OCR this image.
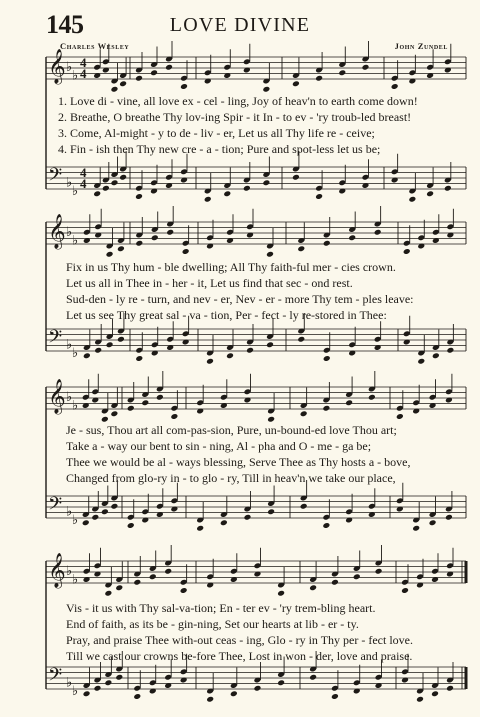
145	LOVE DIVINE
Charles Wesley	John Zundel
𝄞 ♭
♭
𝄢 ♭
♭
4
4
4
4
𝄞 ♭
♭
𝄢 ♭
♭
𝄞 ♭
♭
𝄢 ♭
♭
𝄞 ♭
♭
𝄢 ♭
♭
1. Love di - vine, all love ex - cel - ling, Joy of heav'n to earth come down!
2. Breathe, O breathe Thy lov-ing Spir - it In - to ev - 'ry troub-led breast!
3. Come, Al-might - y to de - liv - er, Let us all Thy life re - ceive;
4. Fin - ish then Thy new cre - a - tion; Pure and spot-less let us be;
Fix in us Thy hum - ble dwelling; All Thy faith-ful mer - cies crown.
Let us all in Thee in - her - it, Let us find that sec - ond rest.
Sud-den - ly re - turn, and nev - er, Nev - er - more Thy tem - ples leave:
Let us see Thy great sal - va - tion, Per - fect - ly re-stored in Thee:
Je - sus, Thou art all com-pas-sion, Pure, un-bound-ed love Thou art;
Take a - way our bent to sin - ning, Al - pha and O - me - ga be;
Thee we would be al - ways blessing, Serve Thee as Thy hosts a - bove,
Changed from glo-ry in - to glo - ry, Till in heav'n we take our place,
Vis - it us with Thy sal-va-tion; En - ter ev - 'ry trem-bling heart.
End of faith, as its be - gin-ning, Set our hearts at lib - er - ty.
Pray, and praise Thee with-out ceas - ing, Glo - ry in Thy per - fect love.
Till we cast our crowns be-fore Thee, Lost in won - der, love and praise.
